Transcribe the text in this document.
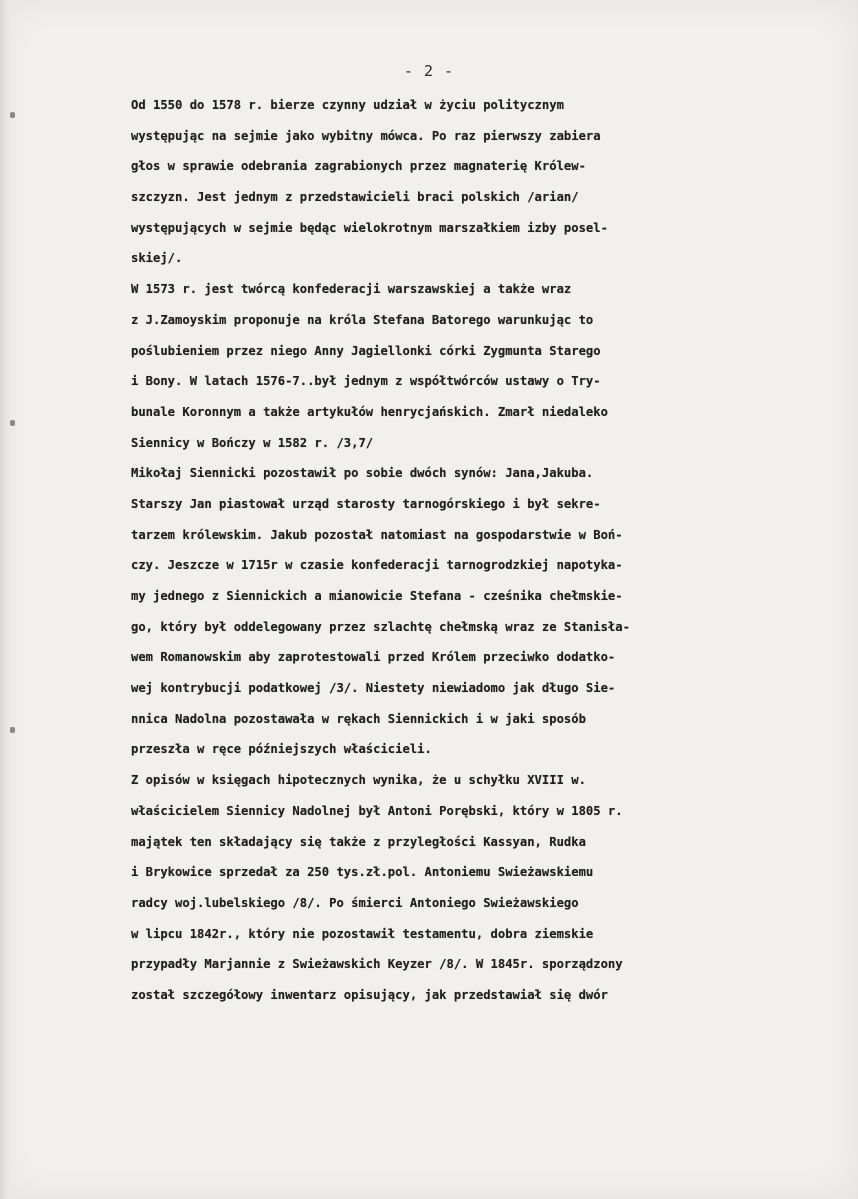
- 2 -
Od 1550 do 1578 r. bierze czynny udział w życiu politycznym
występując na sejmie jako wybitny mówca. Po raz pierwszy zabiera
głos w sprawie odebrania zagrabionych przez magnaterię Królew-
szczyzn. Jest jednym z przedstawicieli braci polskich /arian/
występujących w sejmie będąc wielokrotnym marszałkiem izby posel-
skiej/.
W 1573 r. jest twórcą konfederacji warszawskiej a także wraz
z J.Zamoyskim proponuje na króla Stefana Batorego warunkując to
poślubieniem przez niego Anny Jagiellonki córki Zygmunta Starego
i Bony. W latach 1576-7..był jednym z współtwórców ustawy o Try-
bunale Koronnym a także artykułów henrycjańskich. Zmarł niedaleko
Siennicy w Bończy w 1582 r. /3,7/
Mikołaj Siennicki pozostawił po sobie dwóch synów: Jana,Jakuba.
Starszy Jan piastował urząd starosty tarnogórskiego i był sekre-
tarzem królewskim. Jakub pozostał natomiast na gospodarstwie w Boń-
czy. Jeszcze w 1715r w czasie konfederacji tarnogrodzkiej napotyka-
my jednego z Siennickich a mianowicie Stefana - cześnika chełmskie-
go, który był oddelegowany przez szlachtę chełmską wraz ze Stanisła-
wem Romanowskim aby zaprotestowali przed Królem przeciwko dodatko-
wej kontrybucji podatkowej /3/. Niestety niewiadomo jak długo Sie-
nnica Nadolna pozostawała w rękach Siennickich i w jaki sposób
przeszła w ręce późniejszych właścicieli.
Z opisów w księgach hipotecznych wynika, że u schyłku XVIII w.
właścicielem Siennicy Nadolnej był Antoni Porębski, który w 1805 r.
majątek ten składający się także z przyległości Kassyan, Rudka
i Brykowice sprzedał za 250 tys.zł.pol. Antoniemu Swieżawskiemu
radcy woj.lubelskiego /8/. Po śmierci Antoniego Swieżawskiego
w lipcu 1842r., który nie pozostawił testamentu, dobra ziemskie
przypadły Marjannie z Swieżawskich Keyzer /8/. W 1845r. sporządzony
został szczegółowy inwentarz opisujący, jak przedstawiał się dwór
